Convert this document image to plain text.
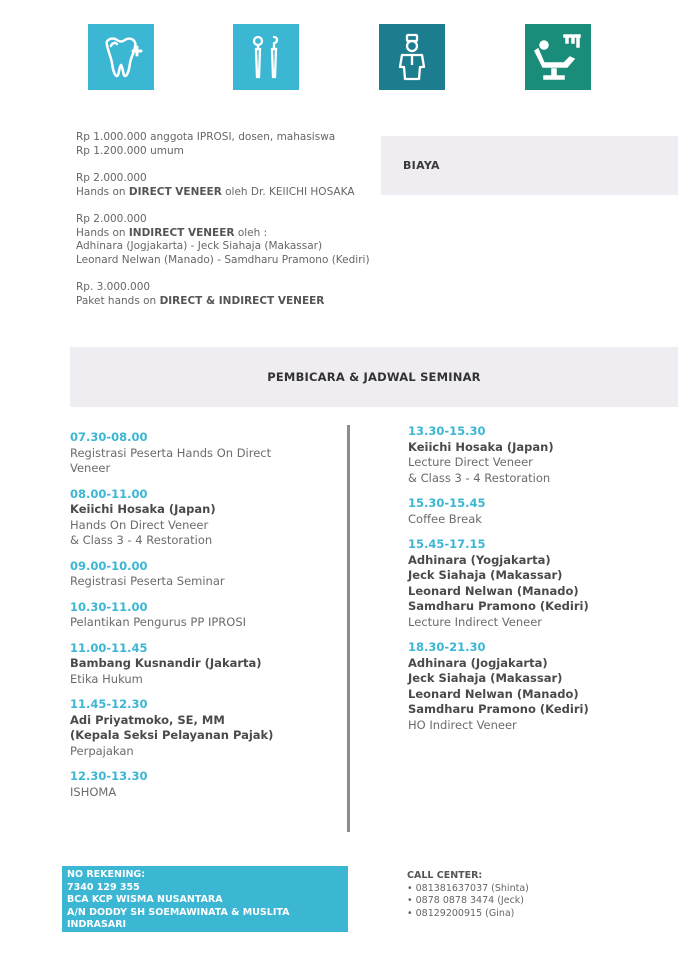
Rp 1.000.000 anggota IPROSI, dosen, mahasiswa
Rp 1.200.000 umum
Rp 2.000.000
Hands on DIRECT VENEER oleh Dr. KEIICHI HOSAKA
Rp 2.000.000
Hands on INDIRECT VENEER oleh :
Adhinara (Jogjakarta) - Jeck Siahaja (Makassar)
Leonard Nelwan (Manado) - Samdharu Pramono (Kediri)
Rp. 3.000.000
Paket hands on DIRECT & INDIRECT VENEER
BIAYA
PEMBICARA & JADWAL SEMINAR
07.30-08.00
Registrasi Peserta Hands On Direct
Veneer
08.00-11.00
Keiichi Hosaka (Japan)
Hands On Direct Veneer
& Class 3 - 4 Restoration
09.00-10.00
Registrasi Peserta Seminar
10.30-11.00
Pelantikan Pengurus PP IPROSI
11.00-11.45
Bambang Kusnandir (Jakarta)
Etika Hukum
11.45-12.30
Adi Priyatmoko, SE, MM
(Kepala Seksi Pelayanan Pajak)
Perpajakan
12.30-13.30
ISHOMA
13.30-15.30
Keiichi Hosaka (Japan)
Lecture Direct Veneer
& Class 3 - 4 Restoration
15.30-15.45
Coffee Break
15.45-17.15
Adhinara (Yogjakarta)
Jeck Siahaja (Makassar)
Leonard Nelwan (Manado)
Samdharu Pramono (Kediri)
Lecture Indirect Veneer
18.30-21.30
Adhinara (Jogjakarta)
Jeck Siahaja (Makassar)
Leonard Nelwan (Manado)
Samdharu Pramono (Kediri)
HO Indirect Veneer
NO REKENING:
7340 129 355
BCA KCP WISMA NUSANTARA
A/N DODDY SH SOEMAWINATA & MUSLITA INDRASARI
CALL CENTER:
• 081381637037 (Shinta)
• 0878 0878 3474 (Jeck)
• 08129200915 (Gina)
